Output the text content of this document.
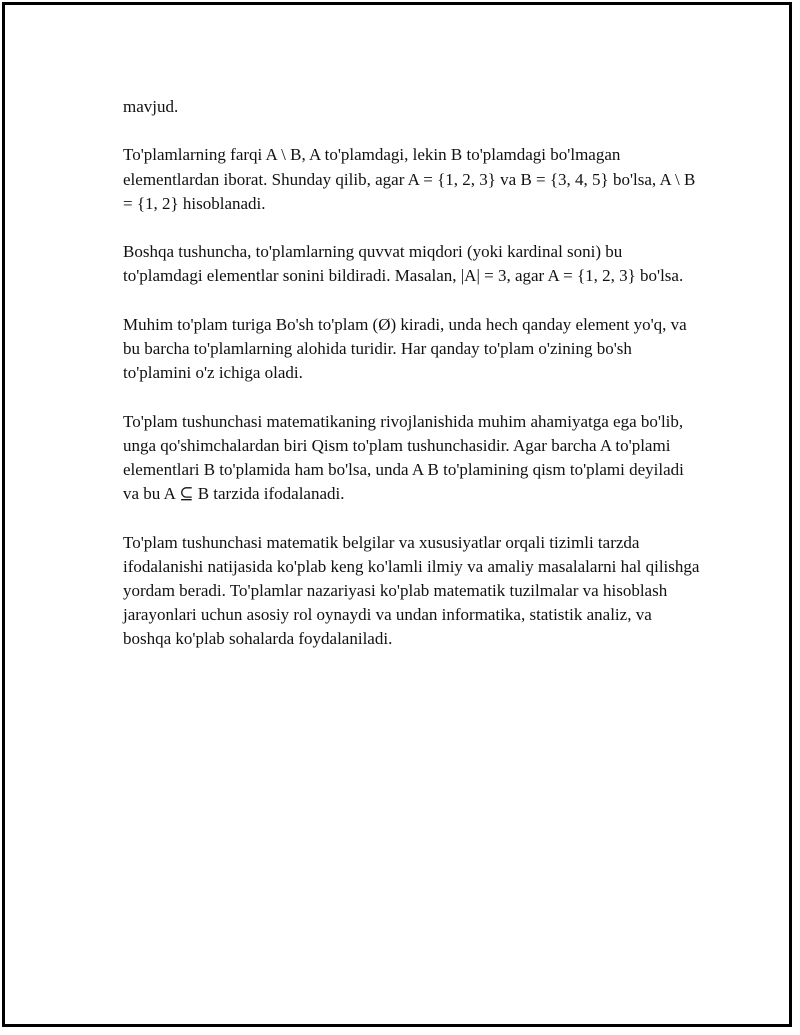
mavjud.

To'plamlarning farqi A \ B, A to'plamdagi, lekin B to'plamdagi bo'lmagan elementlardan iborat. Shunday qilib, agar A = {1, 2, 3} va B = {3, 4, 5} bo'lsa, A \ B = {1, 2} hisoblanadi.

Boshqa tushuncha, to'plamlarning quvvat miqdori (yoki kardinal soni) bu to'plamdagi elementlar sonini bildiradi. Masalan, |A| = 3, agar A = {1, 2, 3} bo'lsa.

Muhim to'plam turiga Bo'sh to'plam (Ø) kiradi, unda hech qanday element yo'q, va bu barcha to'plamlarning alohida turidir. Har qanday to'plam o'zining bo'sh to'plamini o'z ichiga oladi.

To'plam tushunchasi matematikaning rivojlanishida muhim ahamiyatga ega bo'lib, unga qo'shimchalardan biri Qism to'plam tushunchasidir. Agar barcha A to'plami elementlari B to'plamida ham bo'lsa, unda A B to'plamining qism to'plami deyiladi va bu A ⊆ B tarzida ifodalanadi.

To'plam tushunchasi matematik belgilar va xususiyatlar orqali tizimli tarzda ifodalanishi natijasida ko'plab keng ko'lamli ilmiy va amaliy masalalarni hal qilishga yordam beradi. To'plamlar nazariyasi ko'plab matematik tuzilmalar va hisoblash jarayonlari uchun asosiy rol oynaydi va undan informatika, statistik analiz, va boshqa ko'plab sohalarda foydalaniladi.
